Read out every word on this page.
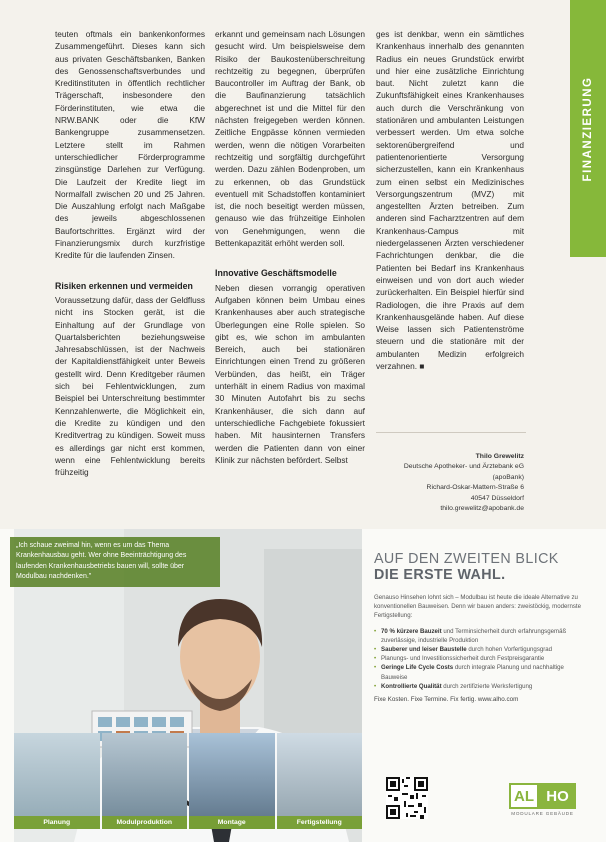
teuten oftmals ein bankenkonformes Zusammengeführt. Dieses kann sich aus privaten Geschäftsbanken, Banken des Genossenschaftsverbundes und Kreditinstituten in öffentlich rechtlicher Trägerschaft, insbesondere den Förderinstituten, wie etwa die NRW.BANK oder die KfW Bankengruppe zusammensetzen. Letztere stellt im Rahmen unterschiedlicher Förderprogramme zinsgünstige Darlehen zur Verfügung. Die Laufzeit der Kredite liegt im Normalfall zwischen 20 und 25 Jahren. Die Auszahlung erfolgt nach Maßgabe des jeweils abgeschlossenen Baufortschrittes. Ergänzt wird der Finanzierungsmix durch kurzfristige Kredite für die laufenden Zinsen.

Risiken erkennen und vermeiden

Voraussetzung dafür, dass der Geldfluss nicht ins Stocken gerät, ist die Einhaltung auf der Grundlage von Quartalsberichten beziehungsweise Jahresabschlüssen, ist der Nachweis der Kapitaldienstfähigkeit unter Beweis gestellt wird. Denn Kreditgeber räumen sich bei Fehlentwicklungen, zum Beispiel bei Unterschreitung bestimmter Kennzahlenwerte, die Möglichkeit ein, die Kredite zu kündigen und den Kreditvertrag zu kündigen. Soweit muss es allerdings gar nicht erst kommen, wenn eine Fehlentwicklung bereits frühzeitig

erkannt und gemeinsam nach Lösungen gesucht wird. Um beispielsweise dem Risiko der Baukostenüberschreitung rechtzeitig zu begegnen, überprüfen Baucontroller im Auftrag der Bank, ob die Baufinanzierung tatsächlich abgerechnet ist und die Mittel für den nächsten freigegeben werden können. Zeitliche Engpässe können vermieden werden, wenn die nötigen Vorarbeiten rechtzeitig und sorgfältig durchgeführt werden. Dazu zählen Bodenproben, um zu erkennen, ob das Grundstück eventuell mit Schadstoffen kontaminiert ist, die noch beseitigt werden müssen, genauso wie das frühzeitige Einholen von Genehmigungen, wenn die Bettenkapazität erhöht werden soll.

Innovative Geschäftsmodelle

Neben diesen vorrangig operativen Aufgaben können beim Umbau eines Krankenhauses aber auch strategische Überlegungen eine Rolle spielen. So gibt es, wie schon im ambulanten Bereich, auch bei stationären Einrichtungen einen Trend zu größeren Verbünden, das heißt, ein Träger unterhält in einem Radius von maximal 30 Minuten Autofahrt bis zu sechs Krankenhäuser, die sich dann auf unterschiedliche Fachgebiete fokussiert haben. Mit hausinternen Transfers werden die Patienten dann von einer Klinik zur nächsten befördert. Selbst

ges ist denkbar, wenn ein sämtliches Krankenhaus innerhalb des genannten Radius ein neues Grundstück erwirbt und hier eine zusätzliche Einrichtung baut. Nicht zuletzt kann die Zukunftsfähigkeit eines Krankenhauses auch durch die Verschränkung von stationären und ambulanten Leistungen verbessert werden. Um etwa solche sektorenübergreifend und patientenorientierte Versorgung sicherzustellen, kann ein Krankenhaus zum einen selbst ein Medizinisches Versorgungszentrum (MVZ) mit angestellten Ärzten betreiben. Zum anderen sind Facharztzentren auf dem Krankenhaus-Campus mit niedergelassenen Ärzten verschiedener Fachrichtungen denkbar, die die Patienten bei Bedarf ins Krankenhaus einweisen und von dort auch wieder zurückerhalten. Ein Beispiel hierfür sind Radiologen, die ihre Praxis auf dem Krankenhausgelände haben. Auf diese Weise lassen sich Patientenströme steuern und die stationäre mit der ambulanten Medizin erfolgreich verzahnen. ■

FINANZIERUNG
Thilo Grewelitz
Deutsche Apotheker- und Ärztebank eG
(apoBank)
Richard-Oskar-Mattern-Straße 6
40547 Düsseldorf
thilo.grewelitz@apobank.de
„Ich schaue zweimal hin, wenn es um das Thema Krankenhausbau geht. Wer ohne Beeinträchtigung des laufenden Krankenhausbetriebs bauen will, sollte über Modulbau nachdenken."
AUF DEN ZWEITEN BLICK
DIE ERSTE WAHL.
Genauso Hinsehen lohnt sich – Modulbau ist heute die ideale Alternative zu konventionellen Bauweisen. Denn wir bauen anders: zweistöckig, modernste Fertigstellung:
• 70 % kürzere Bauzeit und Terminsicherheit durch erfahrungsgemäß zuverlässige, industrielle Produktion
• Sauberer und leiser Baustelle durch hohen Vorfertigungsgrad
• Planungs- und Investitionssicherheit durch Festpreisgarantie
• Geringe Life Cycle Costs durch integrale Planung und nachhaltige Bauweise
• Kontrollierte Qualität durch zertifizierte Werksfertigung
Fixe Kosten. Fixe Termine. Fix fertig. www.alho.com
Planung	Modulproduktion	Montage	Fertigstellung
AL HO
MODULARE GEBÄUDE
